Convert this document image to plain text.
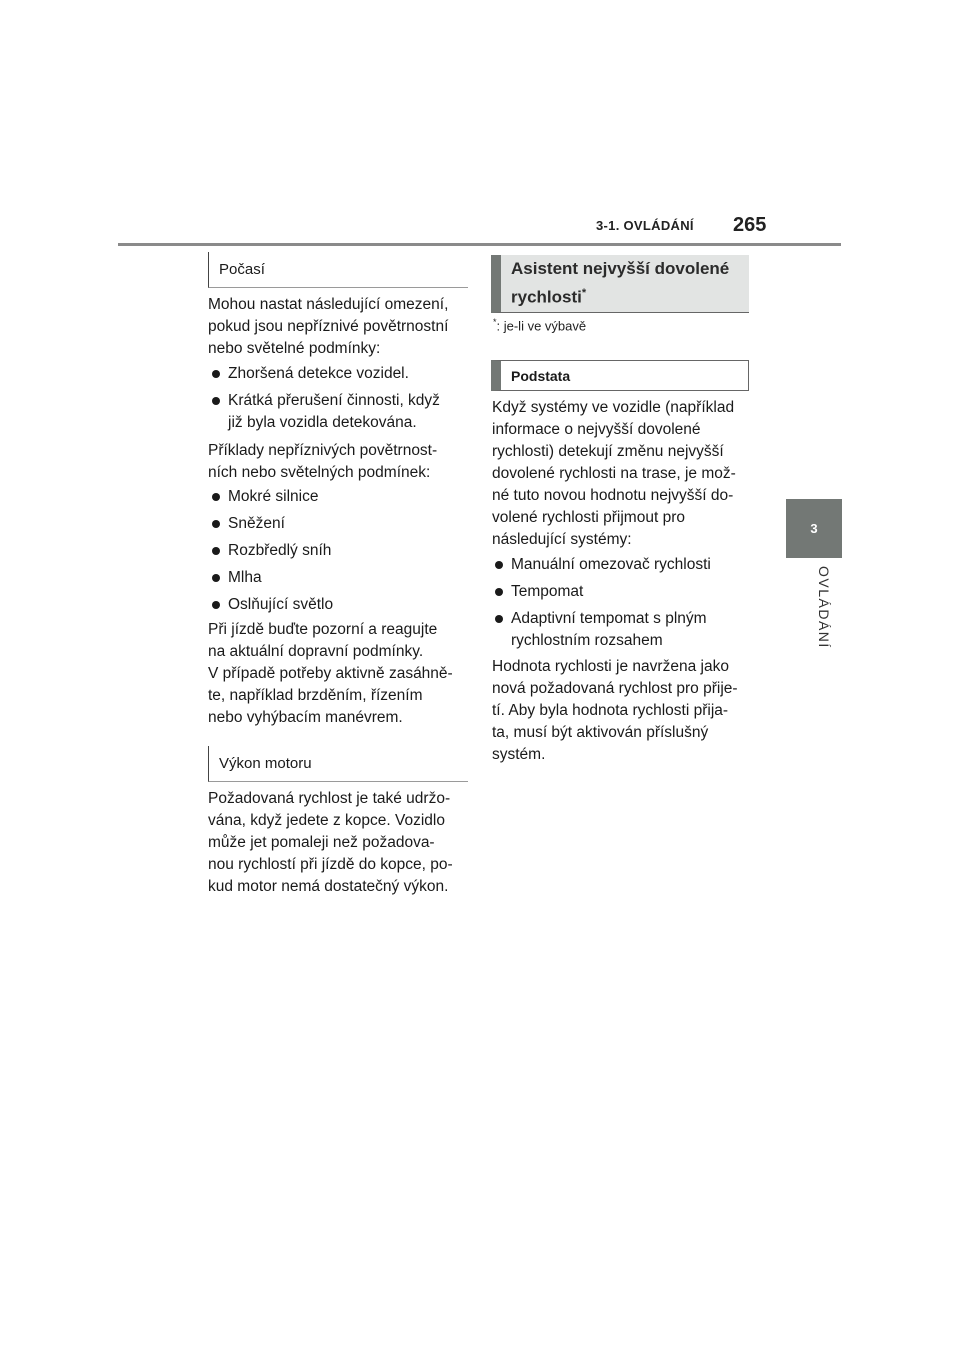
3-1. OVLÁDÁNÍ 265
3
OVLÁDÁNÍ
Počasí

Mohou nastat následující omezení,

pokud jsou nepříznivé povětrnostní

nebo světelné podmínky:

Zhoršená detekce vozidel.
Krátká přerušení činnosti, když
již byla vozidla detekována.

Příklady nepříznivých povětrnost-

ních nebo světelných podmínek:

Mokré silnice
Sněžení
Rozbředlý sníh
Mlha
Oslňující světlo

Při jízdě buďte pozorní a reagujte

na aktuální dopravní podmínky.

V případě potřeby aktivně zasáhně-

te, například brzděním, řízením

nebo vyhýbacím manévrem.

Výkon motoru

Požadovaná rychlost je také udržo-

vána, když jedete z kopce. Vozidlo

může jet pomaleji než požadova-

nou rychlostí při jízdě do kopce, po-

kud motor nemá dostatečný výkon.

Asistent nejvyšší dovolené
rychlosti*
*: je-li ve výbavě
Podstata

Když systémy ve vozidle (například

informace o nejvyšší dovolené

rychlosti) detekují změnu nejvyšší

dovolené rychlosti na trase, je mož-

né tuto novou hodnotu nejvyšší do-

volené rychlosti přijmout pro

následující systémy:

Manuální omezovač rychlosti
Tempomat
Adaptivní tempomat s plným
rychlostním rozsahem

Hodnota rychlosti je navržena jako

nová požadovaná rychlost pro přije-

tí. Aby byla hodnota rychlosti přija-

ta, musí být aktivován příslušný

systém.
